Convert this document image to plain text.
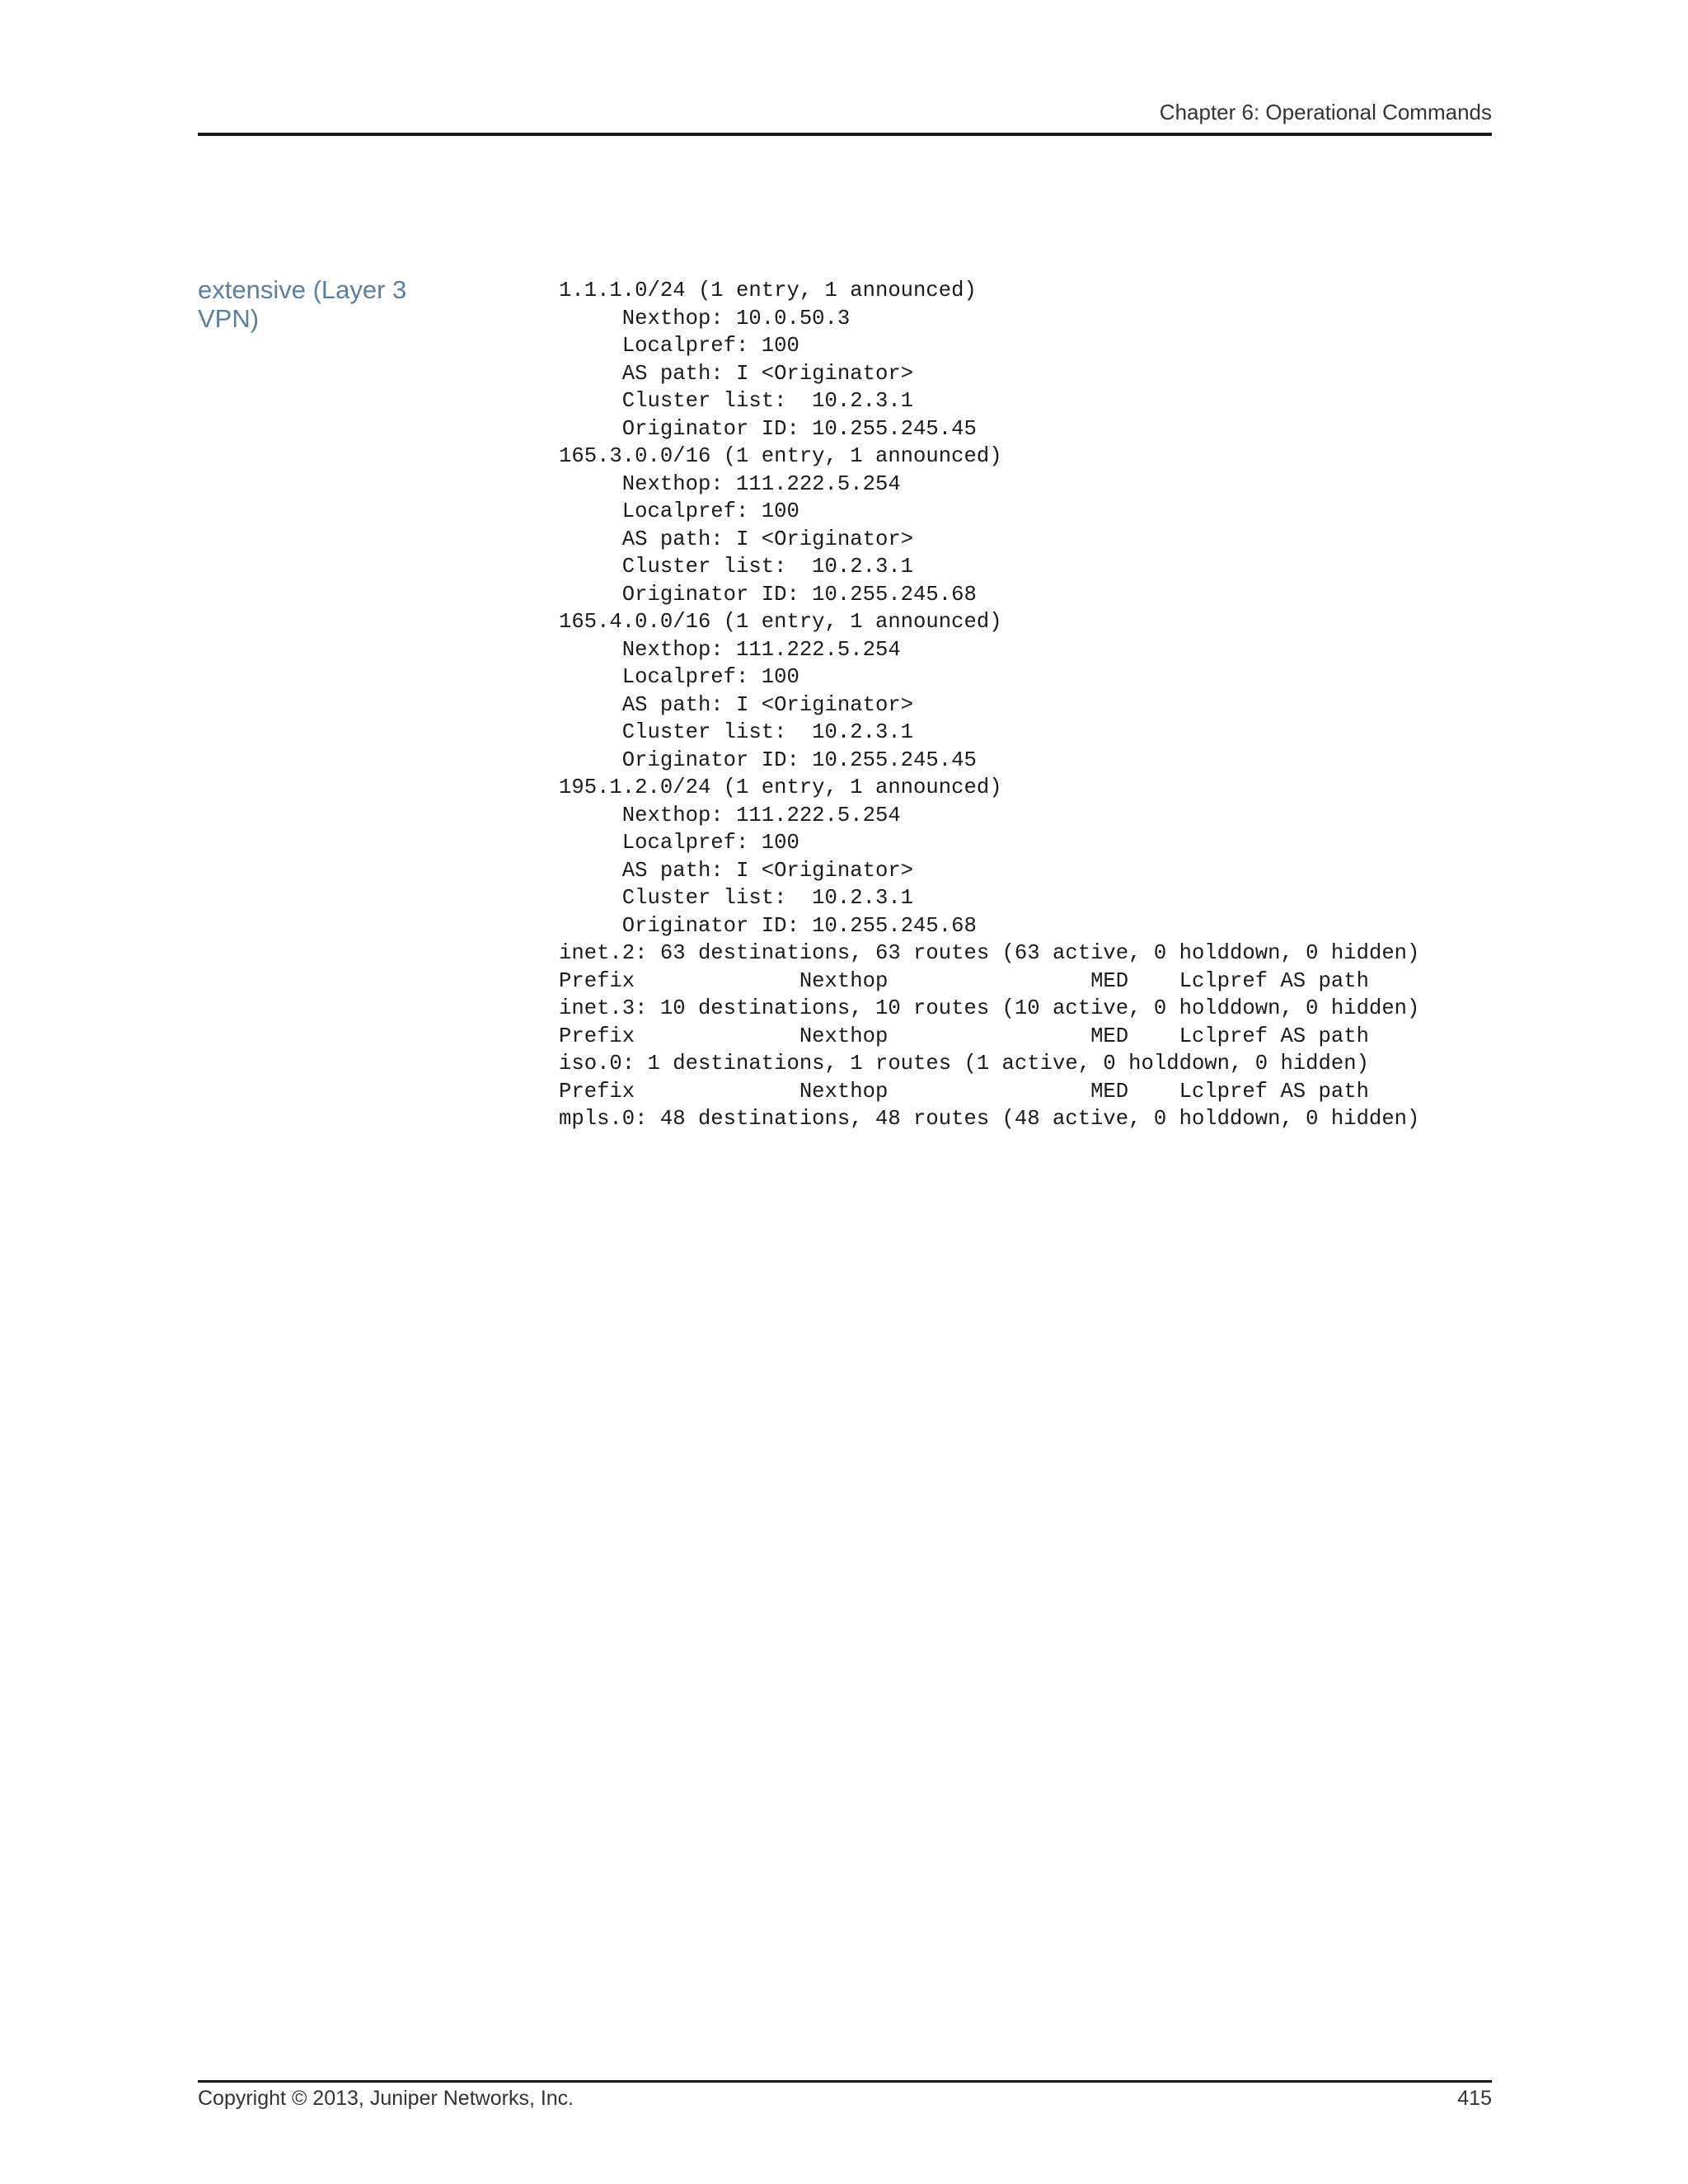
Chapter 6: Operational Commands
extensive (Layer 3
VPN)
1.1.1.0/24 (1 entry, 1 announced)
Nexthop: 10.0.50.3
Localpref: 100
AS path: I <Originator>
Cluster list:  10.2.3.1
Originator ID: 10.255.245.45
165.3.0.0/16 (1 entry, 1 announced)
Nexthop: 111.222.5.254
Localpref: 100
AS path: I <Originator>
Cluster list:  10.2.3.1
Originator ID: 10.255.245.68
165.4.0.0/16 (1 entry, 1 announced)
Nexthop: 111.222.5.254
Localpref: 100
AS path: I <Originator>
Cluster list:  10.2.3.1
Originator ID: 10.255.245.45
195.1.2.0/24 (1 entry, 1 announced)
Nexthop: 111.222.5.254
Localpref: 100
AS path: I <Originator>
Cluster list:  10.2.3.1
Originator ID: 10.255.245.68
inet.2: 63 destinations, 63 routes (63 active, 0 holddown, 0 hidden)
Prefix             Nexthop                MED    Lclpref AS path
inet.3: 10 destinations, 10 routes (10 active, 0 holddown, 0 hidden)
Prefix             Nexthop                MED    Lclpref AS path
iso.0: 1 destinations, 1 routes (1 active, 0 holddown, 0 hidden)
Prefix             Nexthop                MED    Lclpref AS path
mpls.0: 48 destinations, 48 routes (48 active, 0 holddown, 0 hidden)
Copyright © 2013, Juniper Networks, Inc.	415
